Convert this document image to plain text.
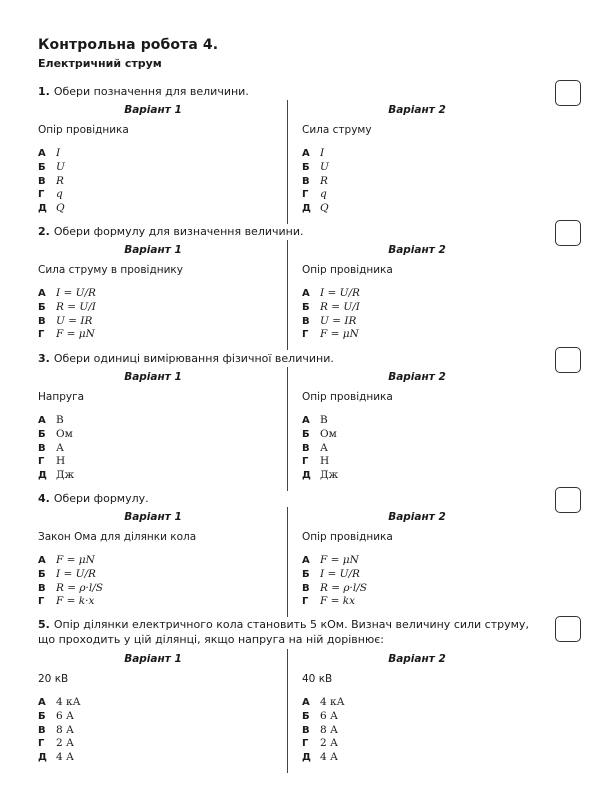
Контрольна робота 4.
Електричний струм
1. Обери позначення для величини.
Варіант 1
Опір провідника
А I
Б U
В R
Г q
Д Q
Варіант 2
Сила струму
А I
Б U
В R
Г q
Д Q
2. Обери формулу для визначення величини.
Варіант 1
Сила струму в провіднику
А I = U/R
Б R = U/I
В U = IR
Г F = μN
Варіант 2
Опір провідника
А I = U/R
Б R = U/I
В U = IR
Г F = μN
3. Обери одиниці вимірювання фізичної величини.
Варіант 1
Напруга
А В
Б Ом
В А
Г Н
Д Дж
Варіант 2
Опір провідника
А В
Б Ом
В А
Г Н
Д Дж
4. Обери формулу.
Варіант 1
Закон Ома для ділянки кола
А F = μN
Б I = U/R
В R = ρ·l/S
Г F = k·x
Варіант 2
Опір провідника
А F = μN
Б I = U/R
В R = ρ·l/S
Г F = kx
5. Опір ділянки електричного кола становить 5 кОм. Визнач величину сили струму, що проходить у цій ділянці, якщо напруга на ній дорівнює:
Варіант 1
20 кВ
А 4 кА
Б 6 А
В 8 А
Г 2 А
Д 4 А
Варіант 2
40 кВ
А 4 кА
Б 6 А
В 8 А
Г 2 А
Д 4 А
